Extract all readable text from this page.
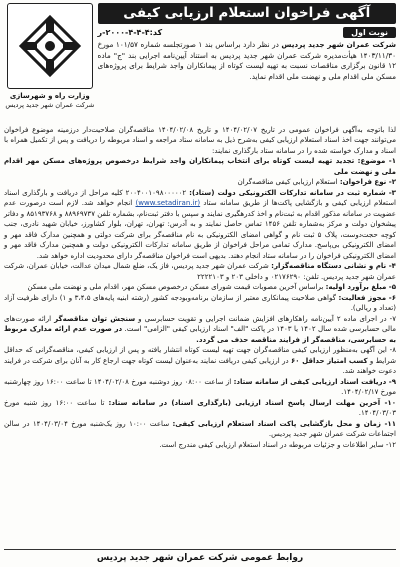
آگهی فراخوان استعلام ارزیابی کیفی
نوبت اول
کد:۴-۴-۴-۲۰۰۰-ر
شرکت عمران شهر جدید پردیس در نظر دارد براساس بند ۱ صورتجلسه شماره ۱۰۱/۵۷ مورخ ۱۴۰۳/۱۱/۳۰ هیأت‌مدیره شرکت عمران شهر جدید پردیس به استناد آیین‌نامه اجرایی بند "ج" ماده ۱۲ قانون برگزاری مناقصات نسبت به تهیه لیست کوتاه از پیمانکاران واجد شرایط برای پروژه‌های مسکن ملی اقدام ملی و نهضت ملی اقدام نماید.
وزارت راه و شهرسازی
شرکت عمران شهر جدید پردیس

لذا باتوجه به‌آگهی فراخوان عمومی در تاریخ ۱۴۰۴/۰۲/۰۷ و تاریخ ۱۴۰۴/۰۲/۰۸ مناقصه‌گران صلاحیت‌دار درزمینه موضوع فراخوان می‌توانند جهت اخذ اسناد استعلام ارزیابی کیفی به‌شرح ذیل به سامانه ستاد مراجعه و اسناد مربوطه را دریافت و پس از تکمیل همراه با اسناد و مدارک خواسته شده را در سامانه ستاد بارگذاری نمایند:

۱- موضوع: تجدید تهیه لیست کوتاه برای انتخاب پیمانکاران واجد شرایط درخصوص پروژه‌های مسکن مهر اقدام ملی و نهضت ملی

۲- نوع فراخوان: استعلام ارزیابی کیفی مناقصه‌گران

۳- شماره ثبت در سامانه تدارکات الکترونیکی دولت (ستاد): ۲۰۰۴۰۰۱۰۹۸۰۰۰۰۰۲ کلیه مراحل از دریافت و بارگذاری اسناد استعلام ارزیابی کیفی و بازگشایی پاکت‌ها از طریق سامانه ستاد (www.setadiran.ir) انجام خواهد شد. لازم است درصورت عدم عضویت در سامانه مذکور اقدام به ثبت‌نام و اخذ کدرهگیری نمایند و سپس با دفتر ثبت‌نام، بشماره تلفن ۸۸۹۶۹۷۳۷ و ۸۵۱۹۳۷۶۸ و دفاتر پیشخوان دولت و مرکز به‌شماره تلفن ۱۴۵۶ تماس حاصل نمایند و به آدرس: تهران، تهران، بلوار کشاورز، خیابان شهید نادری، جنب کوچه حجت‌دوست، پلاک ۵ ثبت نام و گواهی امضای الکترونیکی به نام مناقصه‌گر برای شرکت دولتی و همچنین مدارک فاقد مهر و امضای الکترونیکی بی‌پاسخ. مدارک تمامی مراحل فراخوان از طریق سامانه تدارکات الکترونیکی دولت و همچنین مدارک فاقد مهر و امضای الکترونیکی فراخوان را در سامانه ستاد انجام دهند. بدیهی است فراخوان مناقصه‌گر دارای محدودیت اداره خواهد شد.

۴- نام و نشانی دستگاه مناقصه‌گزار: شرکت عمران شهر جدید پردیس، فاز یک، ضلع شمال میدان عدالت، خیابان عمران، شرکت عمران شهر جدید پردیس. تلفن: ۰۲۱۷۶۲۹۰ و داخلی ۲۰۳ و ۲۲۲۲۱۰۳

۵- مبلغ برآورد اولیه: براساس آخرین مصوبات قیمت شورای مسکن درخصوص مسکن مهر، اقدام ملی و نهضت ملی مسکن

۶- مجوز فعالیت: گواهی صلاحیت پیمانکاری معتبر از سازمان برنامه‌وبودجه کشور (رشته ابنیه پایه‌های ۳،۴،۵ و ۱) دارای ظرفیت آزاد (تعداد و ریالی).

۷- در اجرای ماده ۲ آیین‌نامه راهکارهای افزایش ضمانت اجرایی و تقویت حسابرسی و سنجش توان مناقصه‌گر ارائه صورت‌های مالی حسابرسی شده سال ۱۴۰۲ یا ۱۴۰۳ در پاکت "الف" اسناد ارزیابی کیفی "الزامی" است. در صورت عدم ارائه مدارک مربوط به حسابرسی، مناقصه‌گر از فرایند مناقصه حذف می گردد.

۸- این آگهی به‌منظور ارزیابی کیفی مناقصه‌گران جهت تهیه لیست کوتاه انتشار یافته و پس از ارزیابی کیفی، مناقصه‌گرانی که حداقل شرایط و کسب امتیاز حداقل ۶۰ در ارزیابی کیفی دریافت نمایند به‌عنوان لیست کوتاه جهت ارجاع کار به آنان برای شرکت در فرایند دعوت خواهند شد.

۹- دریافت اسناد ارزیابی کیفی از سامانه ستاد: از ساعت ۰۸:۰۰ روز دوشنبه مورخ ۱۴۰۴/۰۲/۰۸ تا ساعت ۱۶:۰۰ روز چهارشنبه مورخ ۱۴۰۴/۰۲/۱۷.

۱۰- آخرین مهلت ارسال پاسخ اسناد ارزیابی (بارگذاری اسناد) در سامانه ستاد: تا ساعت ۱۶:۰۰ روز شنبه مورخ ۱۴۰۴/۰۳/۰۳.

۱۱- زمان و محل بازگشایی پاکت اسناد استعلام ارزیابی کیفی: ساعت ۱۰:۰۰ روز یک‌شنبه مورخ ۱۴۰۴/۰۳/۰۴ در سالن اجتماعات شرکت عمران شهر جدید پردیس.

۱۲- سایر اطلاعات و جزئیات مربوطه در اسناد استعلام ارزیابی کیفی مندرج است.

روابط عمومی شرکت عمران شهر جدید پردیس
